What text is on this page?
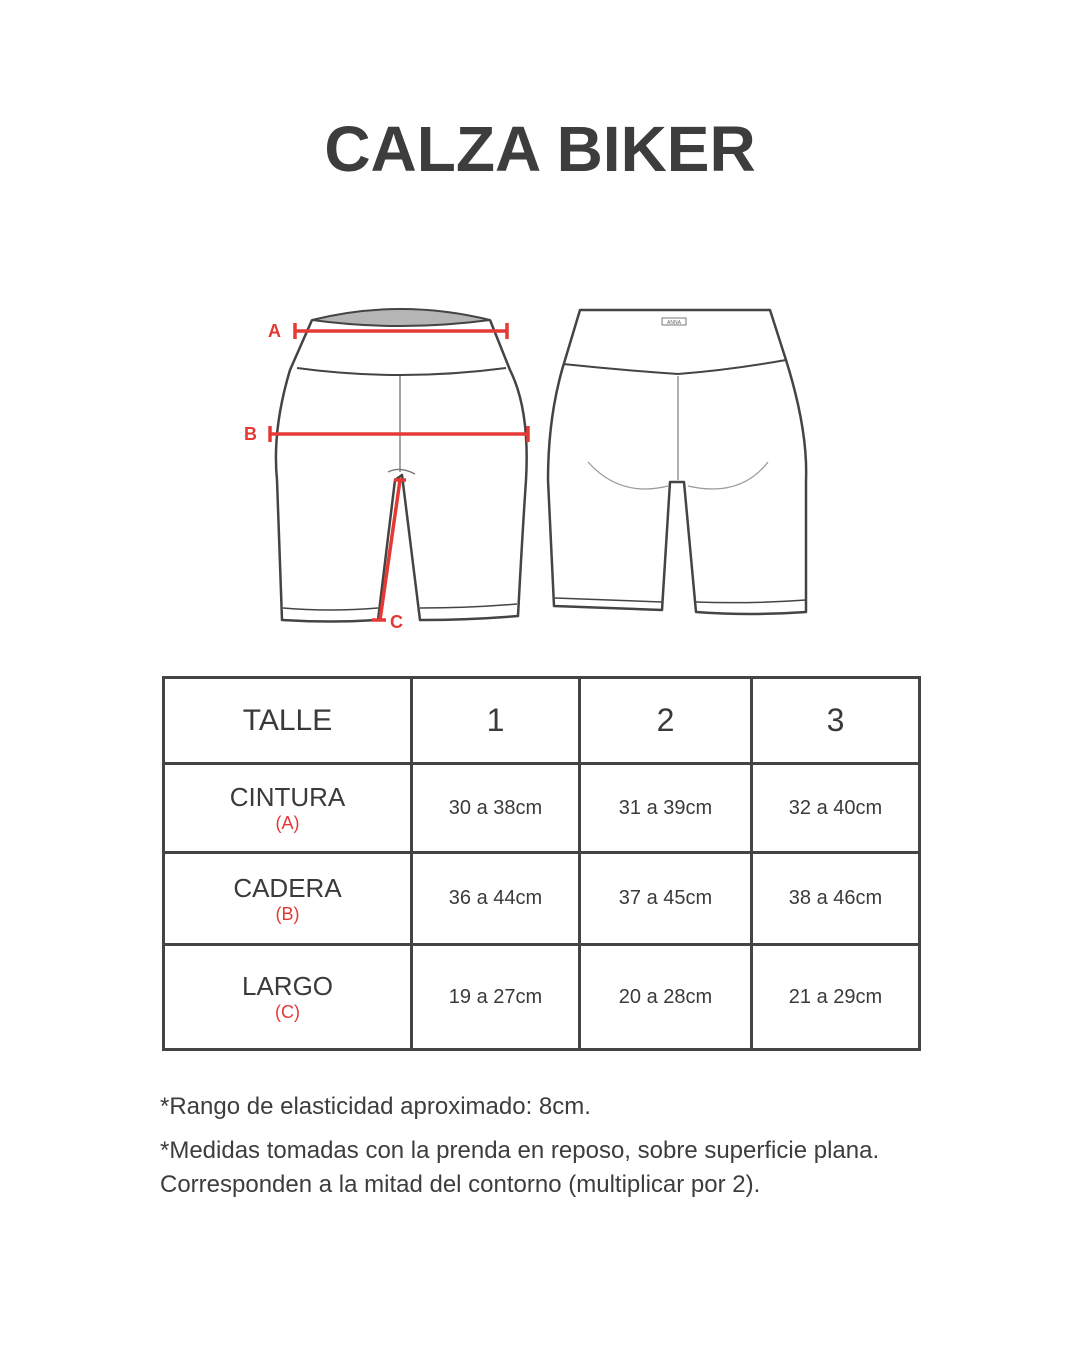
CALZA BIKER
A
B
C
ANNA
TALLE	1	2	3

CINTURA
(A)	30 a 38cm	31 a 39cm	32 a 40cm

CADERA
(B)	36 a 44cm	37 a 45cm	38 a 46cm

LARGO
(C)	19 a 27cm	20 a 28cm	21 a 29cm
*Rango de elasticidad aproximado: 8cm.
*Medidas tomadas con la prenda en reposo, sobre superficie plana. Corresponden a la mitad del contorno (multiplicar por 2).
